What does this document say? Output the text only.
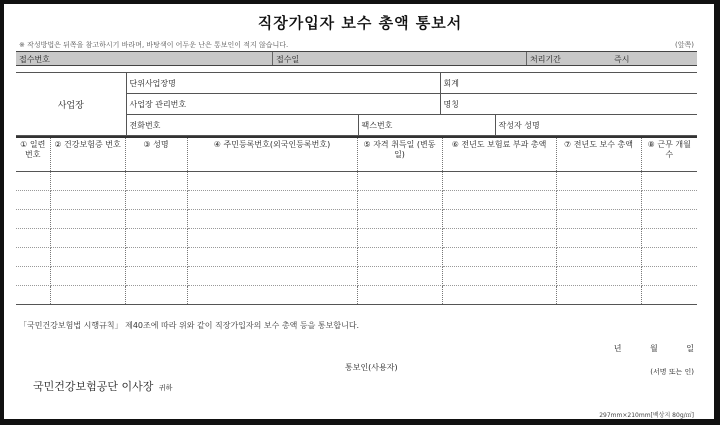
직장가입자 보수 총액 통보서
※ 작성방법은 뒤쪽을 참고하시기 바라며, 바탕색이 어두운 난은 통보인이 적지 않습니다.	(앞쪽)
접수번호	접수일	처리기간	즉시
사업장	단위사업장명		회계	
	사업장 관리번호		명칭	
	전화번호	팩스번호		작성자 성명
① 일련번호	② 건강보험증 번호	③ 성명	④ 주민등록번호(외국인등록번호)	⑤ 자격 취득일 (변동일)	⑥ 전년도 보험료 부과 총액	⑦ 전년도 보수 총액	⑧ 근무 개월 수

「국민건강보험법 시행규칙」 제40조에 따라 위와 같이 직장가입자의 보수 총액 등을 통보합니다.
년	월	일
통보인(사용자)	(서명 또는 인)
국민건강보험공단 이사장 귀하
297mm×210mm[백상지 80g/㎡]
